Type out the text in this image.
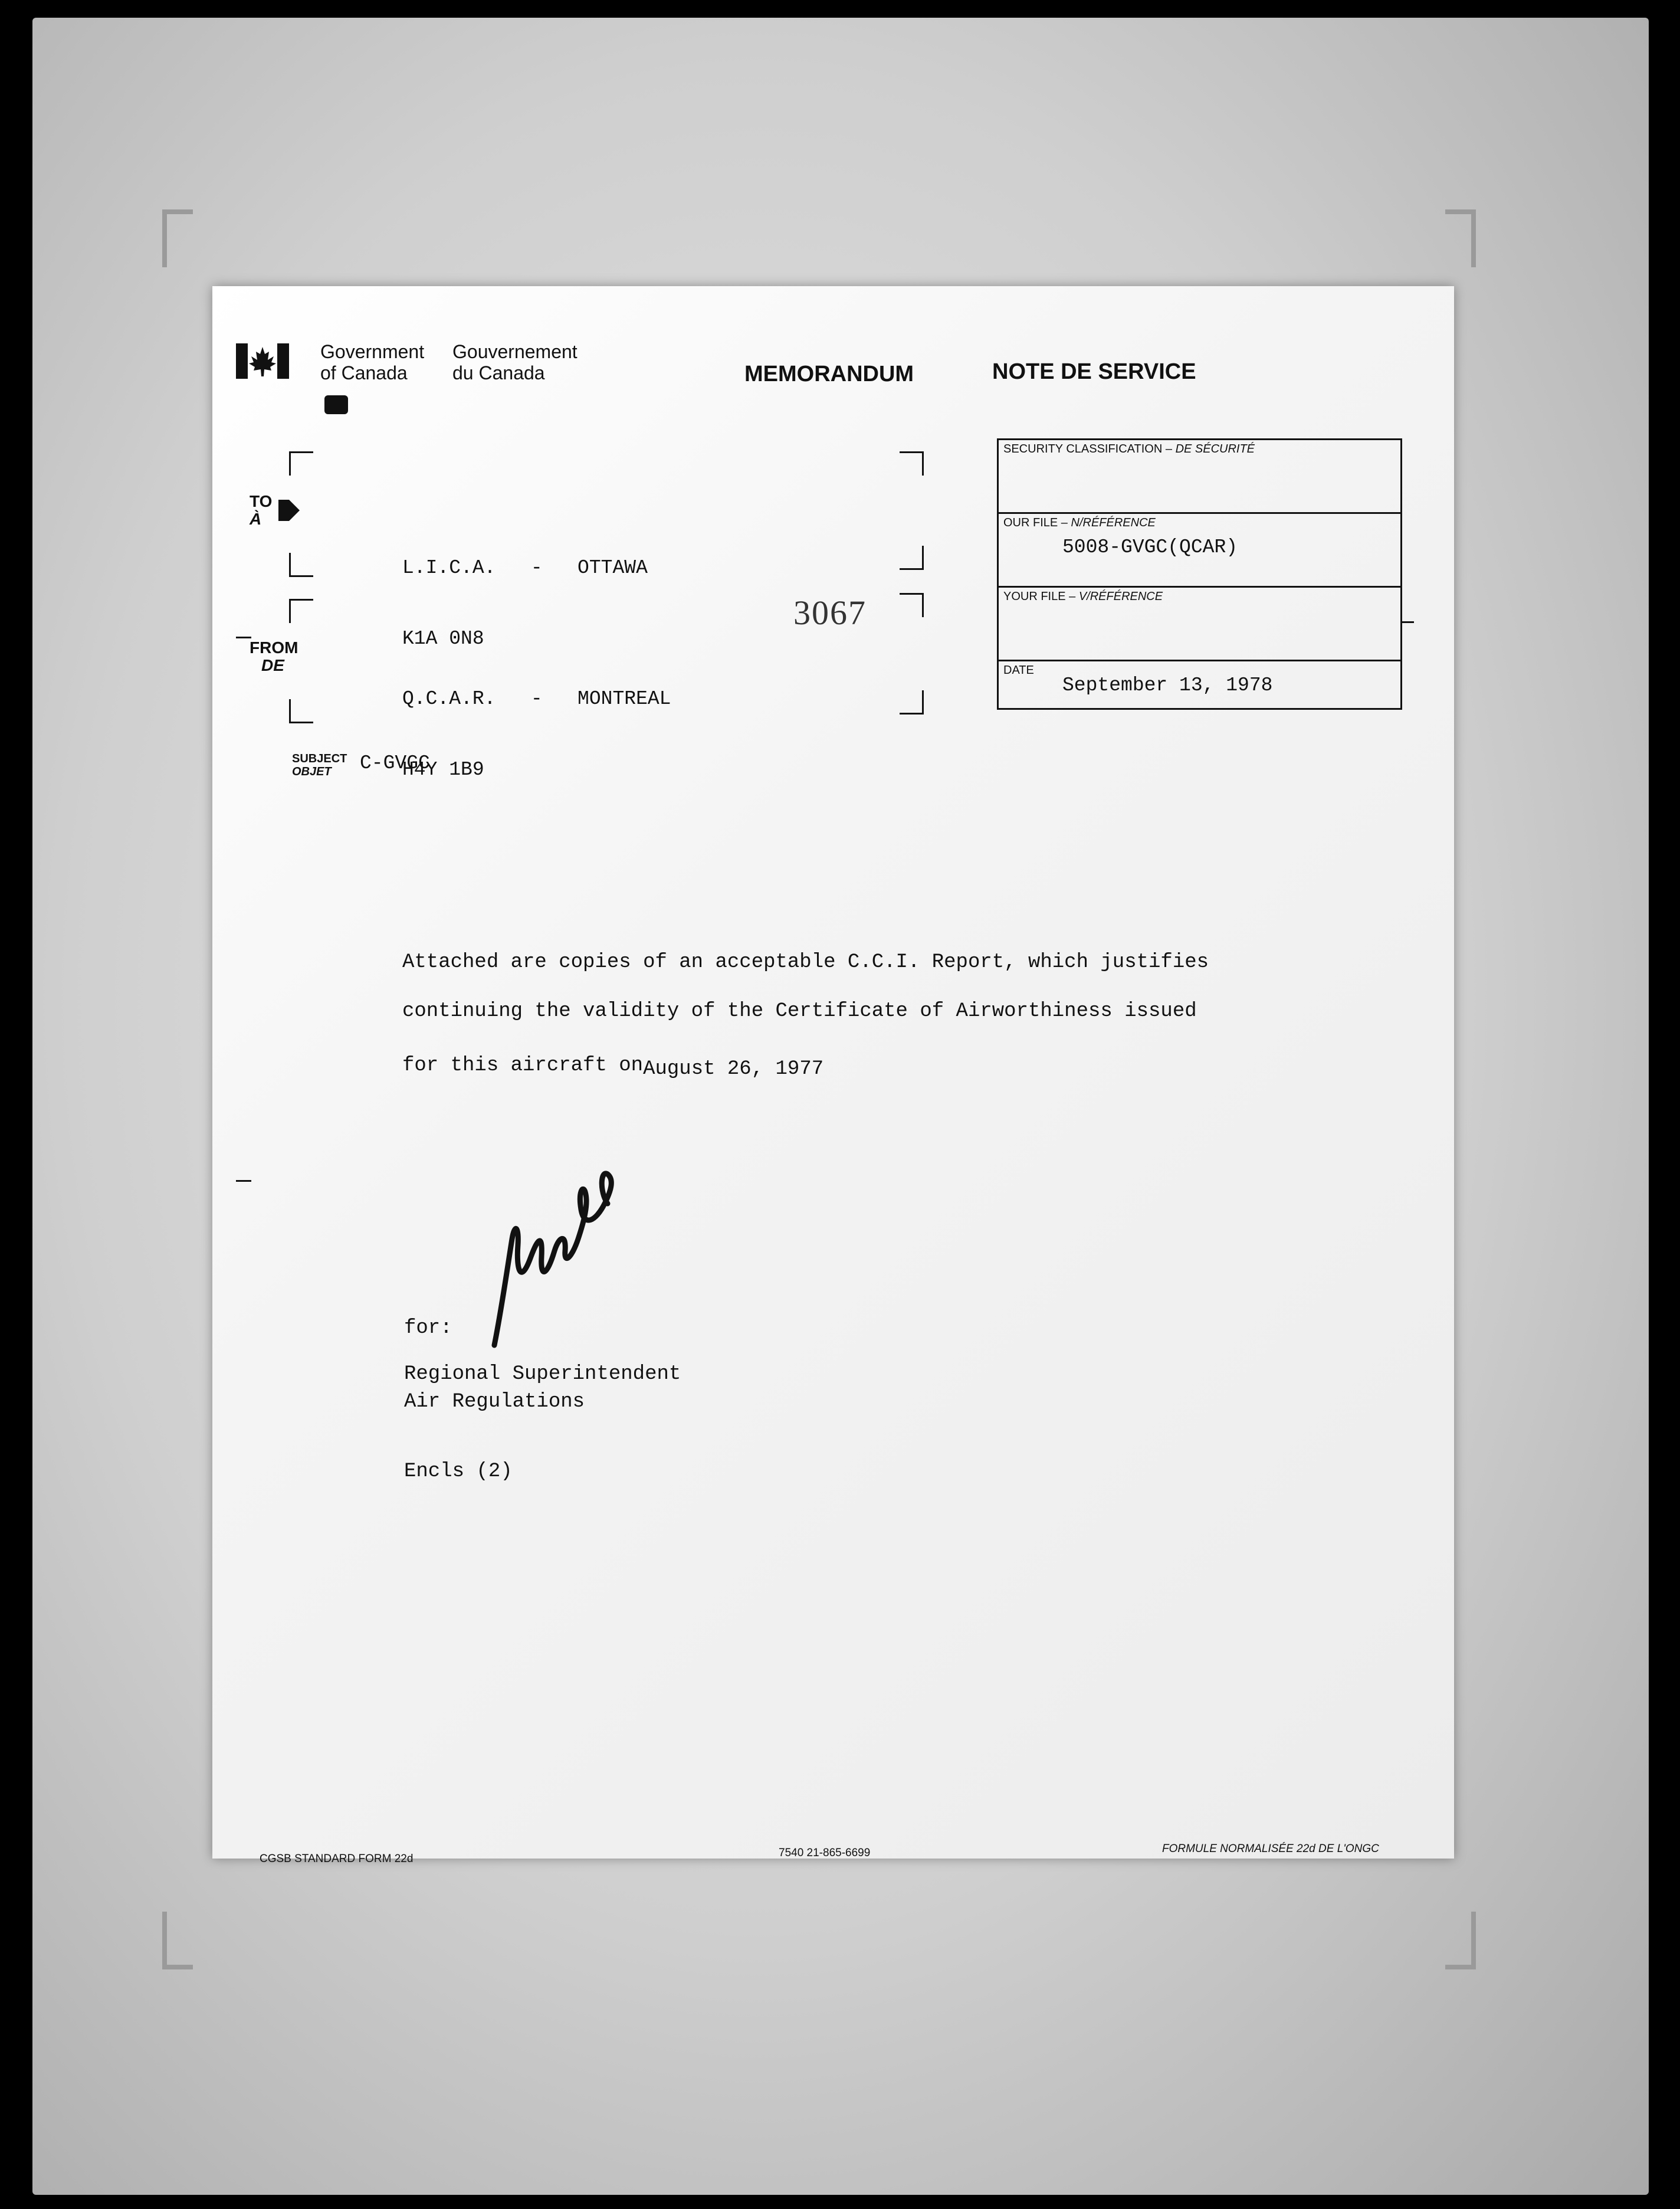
Government
of Canada
Gouvernement
du Canada	MEMORANDUM	NOTE DE SERVICE
TO
À

L.I.C.A.   -   OTTAWA

K1A 0N8

FROM
DE

Q.C.A.R.   -   MONTREAL

H4Y 1B9

3067
SECURITY CLASSIFICATION – DE SÉCURITÉ
OUR FILE – N/RÉFÉRENCE
5008-GVGC(QCAR)
YOUR FILE – V/RÉFÉRENCE
DATE
September 13, 1978
SUBJECT
OBJET	C-GVGC
Attached are copies of an acceptable C.C.I. Report, which justifies
continuing the validity of the Certificate of Airworthiness issued
for this aircraft onAugust 26, 1977
for:
Regional Superintendent
Air Regulations
Encls (2)
CGSB STANDARD FORM 22d	7540 21-865-6699	FORMULE NORMALISÉE 22d DE L'ONGC
